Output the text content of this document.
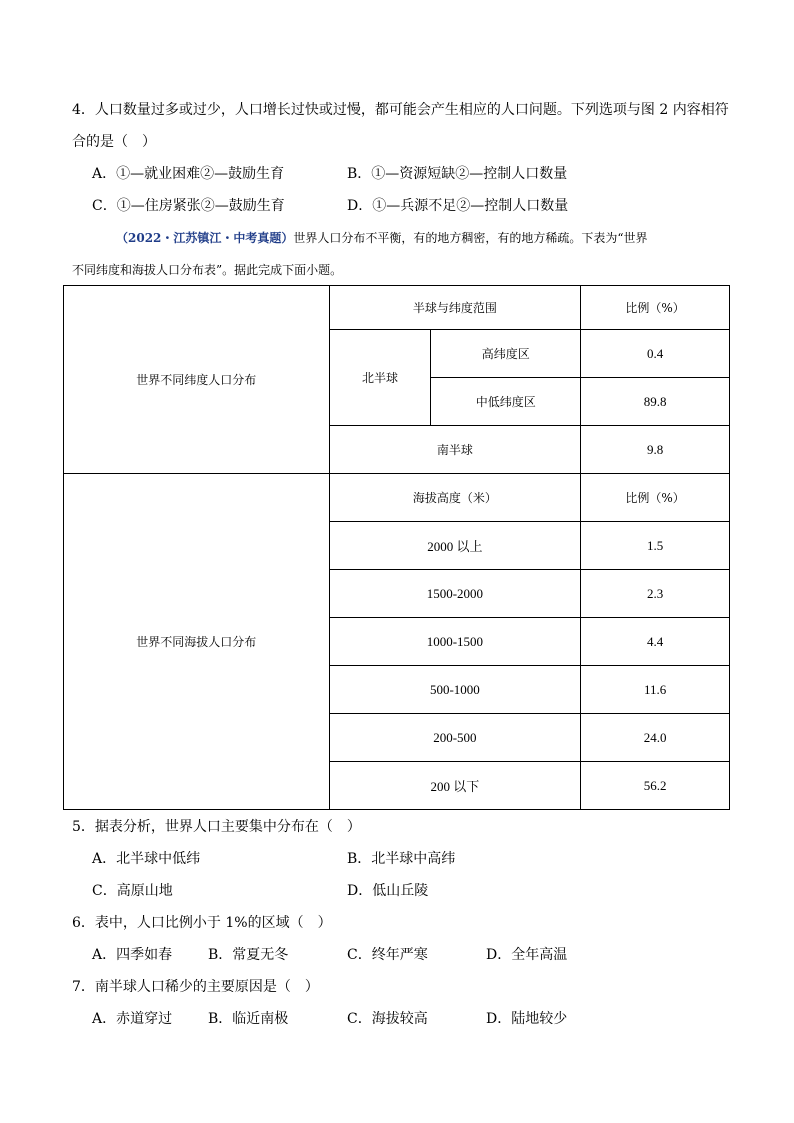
4．人口数量过多或过少，人口增长过快或过慢，都可能会产生相应的人口问题。下列选项与图 2 内容相符
合的是（　）
A．①—就业困难②—鼓励生育	B．①—资源短缺②—控制人口数量
C．①—住房紧张②—鼓励生育	D．①—兵源不足②—控制人口数量
（2022・江苏镇江・中考真题）世界人口分布不平衡，有的地方稠密，有的地方稀疏。下表为“世界
不同纬度和海拔人口分布表”。据此完成下面小题。
世界不同纬度人口分布	半球与纬度范围		比例（%）
	北半球	高纬度区	0.4
		中低纬度区	89.8
	南半球		9.8
世界不同海拔人口分布	海拔高度（米）		比例（%）
	2000 以上		1.5
	1500-2000		2.3
	1000-1500		4.4
	500-1000		11.6
	200-500		24.0
	200 以下		56.2
5．据表分析，世界人口主要集中分布在（　）
A．北半球中低纬	B．北半球中高纬
C．高原山地	D．低山丘陵
6．表中，人口比例小于 1%的区域（　）
A．四季如春	B．常夏无冬	C．终年严寒	D．全年高温
7．南半球人口稀少的主要原因是（　）
A．赤道穿过	B．临近南极	C．海拔较高	D．陆地较少
